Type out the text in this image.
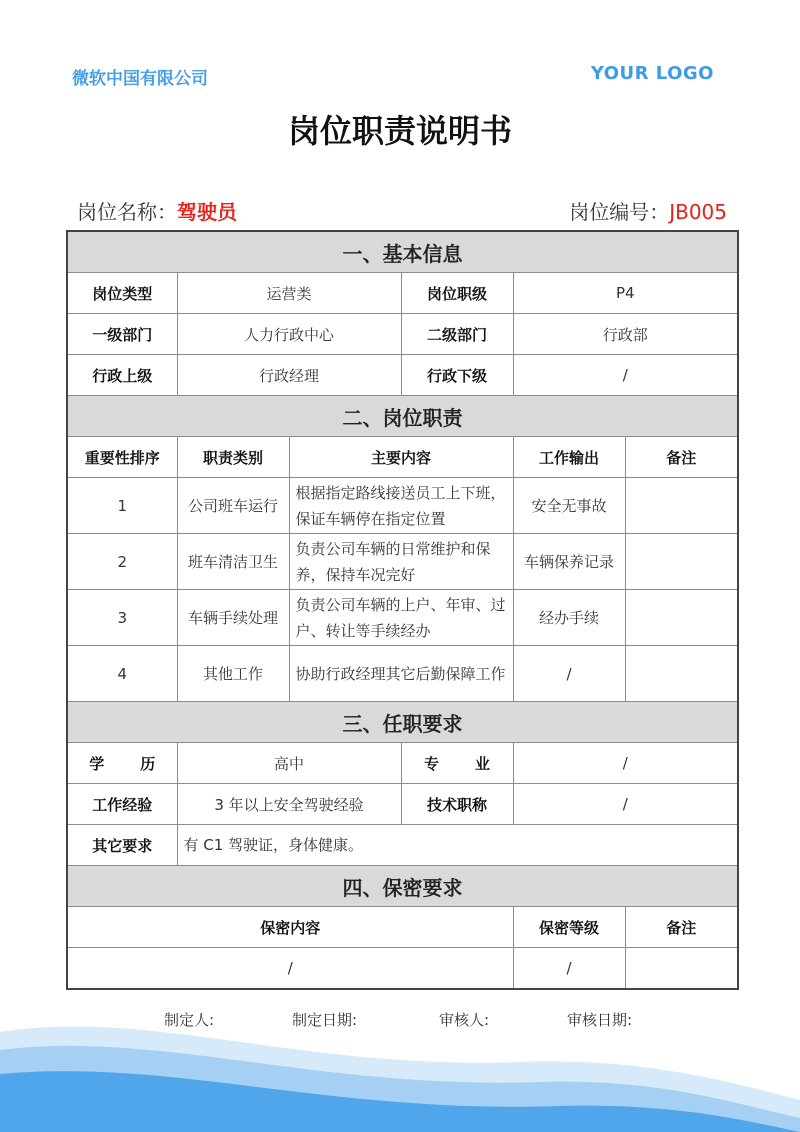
微软中国有限公司	YOUR LOGO
岗位职责说明书
岗位名称：驾驶员	岗位编号：JB005
一、基本信息					
岗位类型	运营类		岗位职级	P4	
一级部门	人力行政中心		二级部门	行政部	
行政上级	行政经理		行政下级	/	
二、岗位职责					
重要性排序	职责类别	主要内容		工作输出	备注
1	公司班车运行	根据指定路线接送员工上下班，保证车辆停在指定位置		安全无事故	
2	班车清洁卫生	负责公司车辆的日常维护和保养，保持车况完好		车辆保养记录	
3	车辆手续处理	负责公司车辆的上户、年审、过户、转让等手续经办		经办手续	
4	其他工作	协助行政经理其它后勤保障工作		/	
三、任职要求					
学 历	高中		专 业	/	
工作经验	3 年以上安全驾驶经验		技术职称	/	
其它要求	有 C1 驾驶证，身体健康。				
四、保密要求					
保密内容				保密等级	备注
/				/	
制定人:	制定日期:	审核人:	审核日期:
